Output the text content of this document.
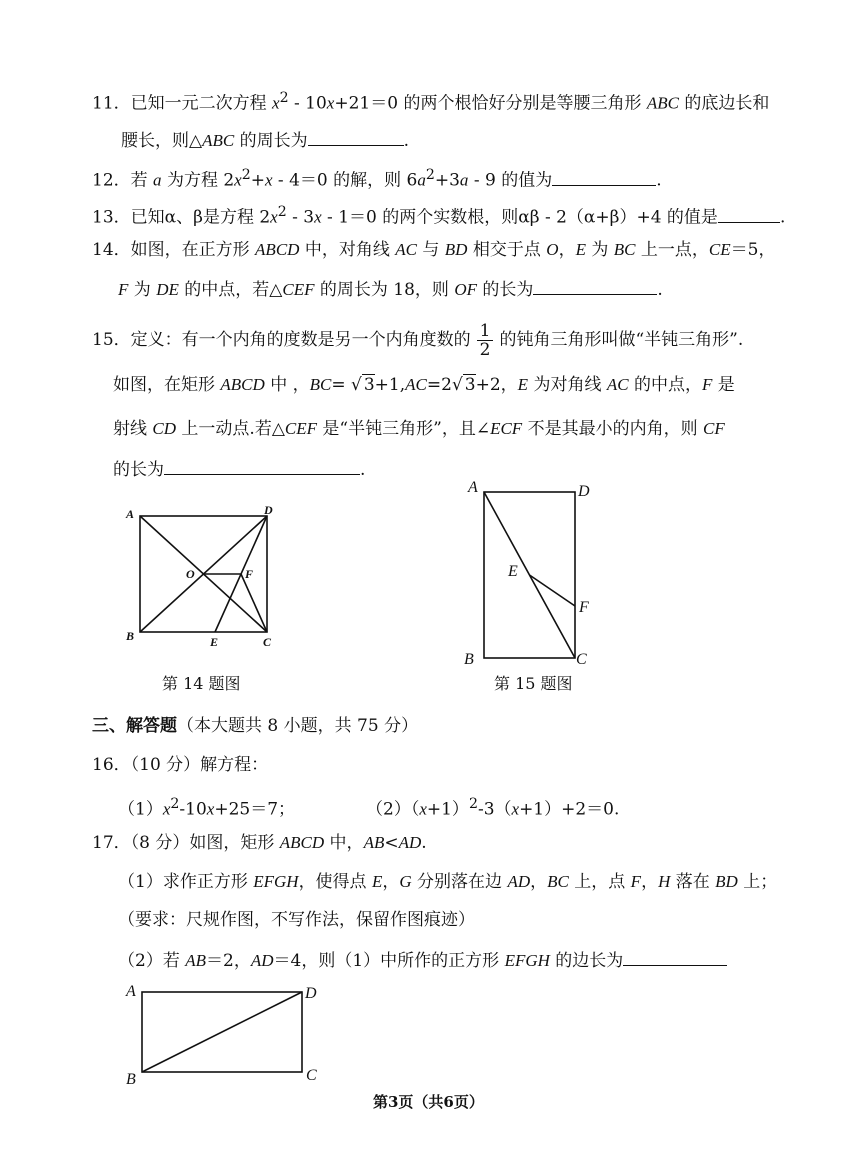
11．已知一元二次方程 $x^2 - 10x+21=0$ 的两个根恰好分别是等腰三角形 ABC 的底边长和
腰长，则△ABC 的周长为	.
12．若 a 为方程 $2x^2+x - 4=0$ 的解，则 $6a^2+3a - 9$ 的值为	.
13．已知α、β是方程 $2x^2 - 3x - 1=0$ 的两个实数根，则αβ - 2（α+β）+4 的值是	.
14．如图，在正方形 ABCD 中，对角线 AC 与 BD 相交于点 O，E 为 BC 上一点，CE＝5，
F 为 DE 的中点，若△CEF 的周长为 18，则 OF 的长为	.
15．定义：有一个内角的度数是另一个内角度数的 $\frac{1}{2}$ 的钝角三角形叫做“半钝三角形”.
如图，在矩形 ABCD 中 ，BC= √ 3+1,AC=2√ 3+2，E 为对角线 AC 的中点，F 是
射线 CD 上一动点.若△CEF 是“半钝三角形”，且∠ECF 不是其最小的内角，则 CF
的长为	.
A
B	C
D
O
E
F
第 14 题图
A	D
B	C
E
F
第 15 题图
三、解答题（本大题共 8 小题，共 75 分）
16．（10 分）解方程：
$(1)x^2-10x+25=7$；	$(2)(x+1)^2-3(x+1)+2=0$.
17．（8 分）如图，矩形 ABCD 中，AB<AD.
（1）求作正方形 EFGH，使得点 E，G 分别落在边 AD，BC 上，点 F，H 落在 BD 上；
（要求：尺规作图，不写作法，保留作图痕迹）
（2）若 AB＝2，AD＝4，则（1）中所作的正方形 EFGH 的边长为
A
B	C
D
第3页（共6页）
